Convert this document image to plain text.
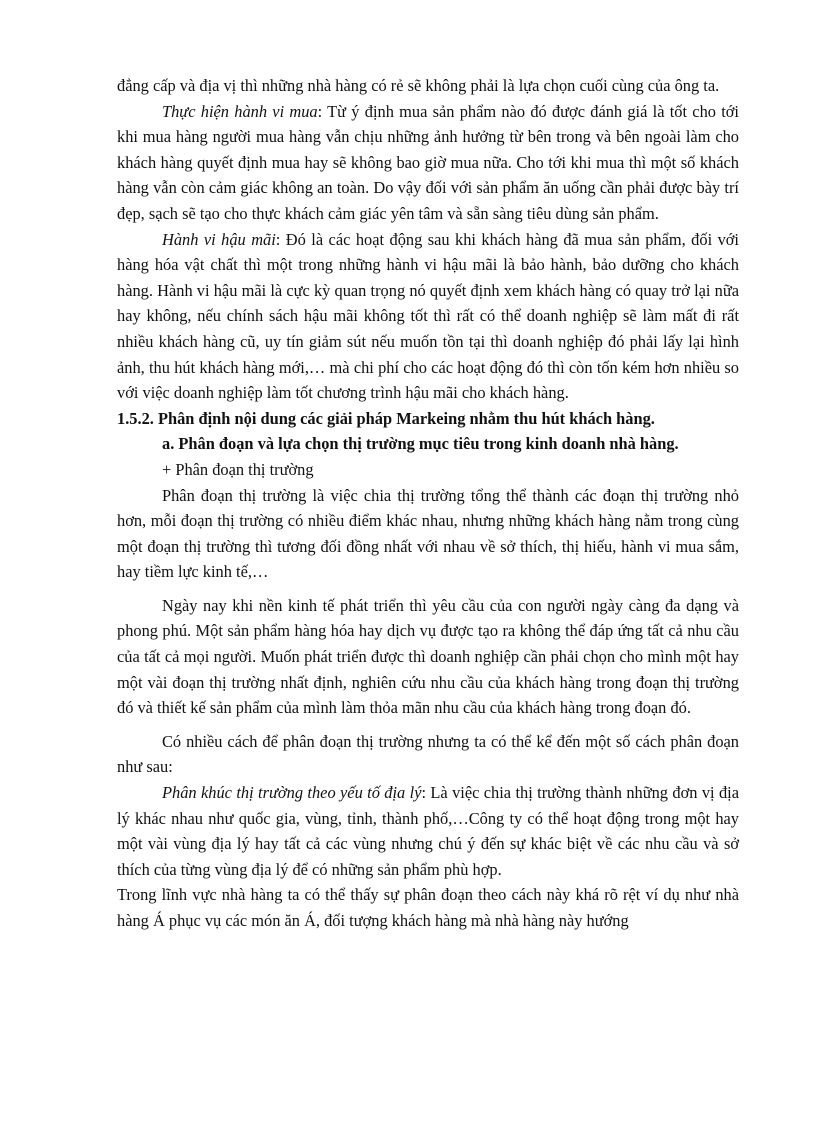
đẳng cấp và địa vị thì những nhà hàng có rẻ sẽ không phải là lựa chọn cuối cùng của ông ta.

Thực hiện hành vi mua: Từ ý định mua sản phẩm nào đó được đánh giá là tốt cho tới khi mua hàng người mua hàng vẫn chịu những ảnh hưởng từ bên trong và bên ngoài làm cho khách hàng quyết định mua hay sẽ không bao giờ mua nữa. Cho tới khi mua thì một số khách hàng vẫn còn cảm giác không an toàn. Do vậy đối với sản phẩm ăn uống cần phải được bày trí đẹp, sạch sẽ tạo cho thực khách cảm giác yên tâm và sẵn sàng tiêu dùng sản phẩm.

Hành vi hậu mãi: Đó là các hoạt động sau khi khách hàng đã mua sản phẩm, đối với hàng hóa vật chất thì một trong những hành vi hậu mãi là bảo hành, bảo dưỡng cho khách hàng. Hành vi hậu mãi là cực kỳ quan trọng nó quyết định xem khách hàng có quay trở lại nữa hay không, nếu chính sách hậu mãi không tốt thì rất có thể doanh nghiệp sẽ làm mất đi rất nhiều khách hàng cũ, uy tín giảm sút nếu muốn tồn tại thì doanh nghiệp đó phải lấy lại hình ảnh, thu hút khách hàng mới,… mà chi phí cho các hoạt động đó thì còn tốn kém hơn nhiều so với việc doanh nghiệp làm tốt chương trình hậu mãi cho khách hàng.

1.5.2. Phân định nội dung các giải pháp Markeing nhằm thu hút khách hàng.

a. Phân đoạn và lựa chọn thị trường mục tiêu trong kinh doanh nhà hàng.

+ Phân đoạn thị trường

Phân đoạn thị trường là việc chia thị trường tổng thể thành các đoạn thị trường nhỏ hơn, mỗi đoạn thị trường có nhiều điểm khác nhau, nhưng những khách hàng nằm trong cùng một đoạn thị trường thì tương đối đồng nhất với nhau về sở thích, thị hiếu, hành vi mua sắm, hay tiềm lực kinh tế,…

Ngày nay khi nền kinh tế phát triển thì yêu cầu của con người ngày càng đa dạng và phong phú. Một sản phẩm hàng hóa hay dịch vụ được tạo ra không thể đáp ứng tất cả nhu cầu của tất cả mọi người. Muốn phát triển được thì doanh nghiệp cần phải chọn cho mình một hay một vài đoạn thị trường nhất định, nghiên cứu nhu cầu của khách hàng trong đoạn thị trường đó và thiết kế sản phẩm của mình làm thỏa mãn nhu cầu của khách hàng trong đoạn đó.

Có nhiều cách để phân đoạn thị trường nhưng ta có thể kể đến một số cách phân đoạn như sau:

Phân khúc thị trường theo yếu tố địa lý: Là việc chia thị trường thành những đơn vị địa lý khác nhau như quốc gia, vùng, tỉnh, thành phố,…Công ty có thể hoạt động trong một hay một vài vùng địa lý hay tất cả các vùng nhưng chú ý đến sự khác biệt về các nhu cầu và sở thích của từng vùng địa lý để có những sản phẩm phù hợp.

Trong lĩnh vực nhà hàng ta có thể thấy sự phân đoạn theo cách này khá rõ rệt ví dụ như nhà hàng Á phục vụ các món ăn Á, đối tượng khách hàng mà nhà hàng này hướng
